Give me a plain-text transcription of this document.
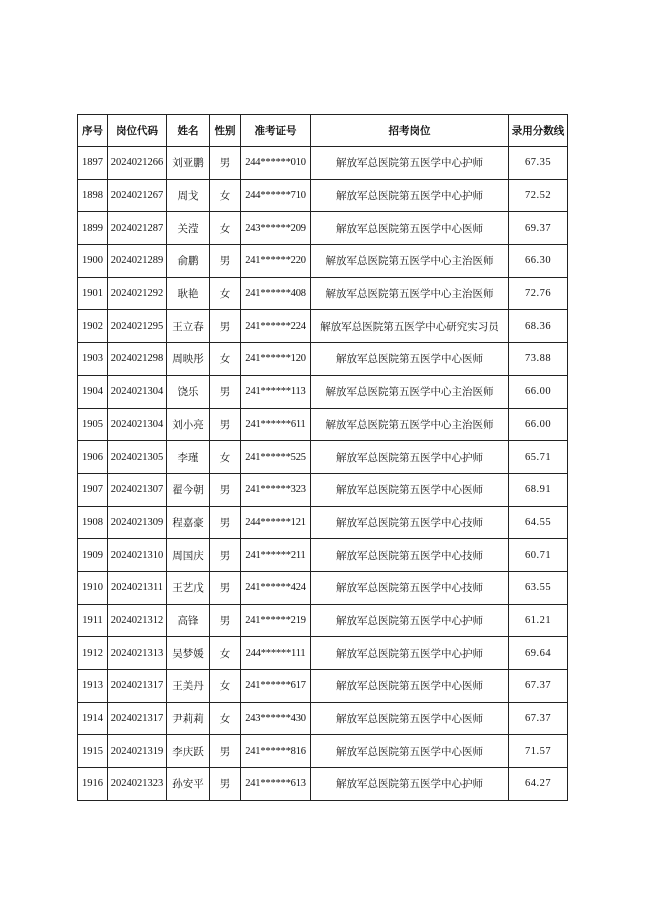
序号	岗位代码	姓名	性别	准考证号	招考岗位	录用分数线
1897	2024021266	刘亚鹏	男	244******010	解放军总医院第五医学中心护师	67.35
1898	2024021267	周戈	女	244******710	解放军总医院第五医学中心护师	72.52
1899	2024021287	关滢	女	243******209	解放军总医院第五医学中心医师	69.37
1900	2024021289	俞鹏	男	241******220	解放军总医院第五医学中心主治医师	66.30
1901	2024021292	耿艳	女	241******408	解放军总医院第五医学中心主治医师	72.76
1902	2024021295	王立春	男	241******224	解放军总医院第五医学中心研究实习员	68.36
1903	2024021298	周映彤	女	241******120	解放军总医院第五医学中心医师	73.88
1904	2024021304	饶乐	男	241******113	解放军总医院第五医学中心主治医师	66.00
1905	2024021304	刘小亮	男	241******611	解放军总医院第五医学中心主治医师	66.00
1906	2024021305	李瑾	女	241******525	解放军总医院第五医学中心护师	65.71
1907	2024021307	翟今朝	男	241******323	解放军总医院第五医学中心医师	68.91
1908	2024021309	程嘉豪	男	244******121	解放军总医院第五医学中心技师	64.55
1909	2024021310	周国庆	男	241******211	解放军总医院第五医学中心技师	60.71
1910	2024021311	王艺戊	男	241******424	解放军总医院第五医学中心技师	63.55
1911	2024021312	高锋	男	241******219	解放军总医院第五医学中心护师	61.21
1912	2024021313	吴梦媛	女	244******111	解放军总医院第五医学中心护师	69.64
1913	2024021317	王美丹	女	241******617	解放军总医院第五医学中心医师	67.37
1914	2024021317	尹莉莉	女	243******430	解放军总医院第五医学中心医师	67.37
1915	2024021319	李庆跃	男	241******816	解放军总医院第五医学中心医师	71.57
1916	2024021323	孙安平	男	241******613	解放军总医院第五医学中心护师	64.27
